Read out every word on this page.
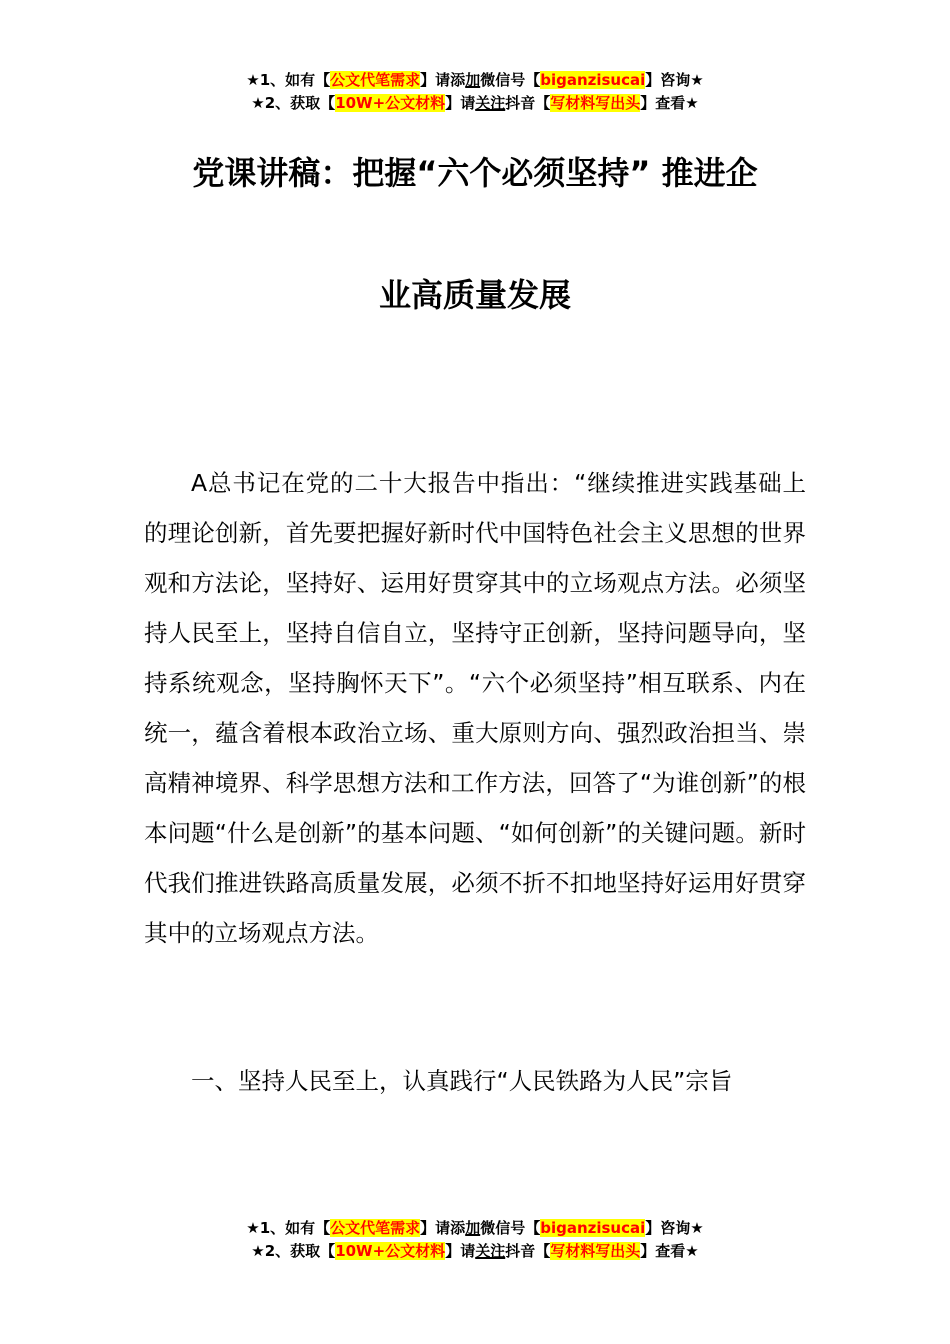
★1、如有【公文代笔需求】请添加微信号【biganzisucai】咨询★
★2、获取【10W+公文材料】请关注抖音【写材料写出头】查看★
党课讲稿：把握“六个必须坚持” 推进企
业高质量发展

A总书记在党的二十大报告中指出：“继续推进实践基础上的理论创新，首先要把握好新时代中国特色社会主义思想的世界观和方法论，坚持好、运用好贯穿其中的立场观点方法。必须坚持人民至上，坚持自信自立，坚持守正创新，坚持问题导向，坚持系统观念，坚持胸怀天下”。“六个必须坚持”相互联系、内在统一，蕴含着根本政治立场、重大原则方向、强烈政治担当、崇高精神境界、科学思想方法和工作方法，回答了“为谁创新”的根本问题“什么是创新”的基本问题、“如何创新”的关键问题。新时代我们推进铁路高质量发展，必须不折不扣地坚持好运用好贯穿其中的立场观点方法。

一、坚持人民至上，认真践行“人民铁路为人民”宗旨

★1、如有【公文代笔需求】请添加微信号【biganzisucai】咨询★
★2、获取【10W+公文材料】请关注抖音【写材料写出头】查看★
